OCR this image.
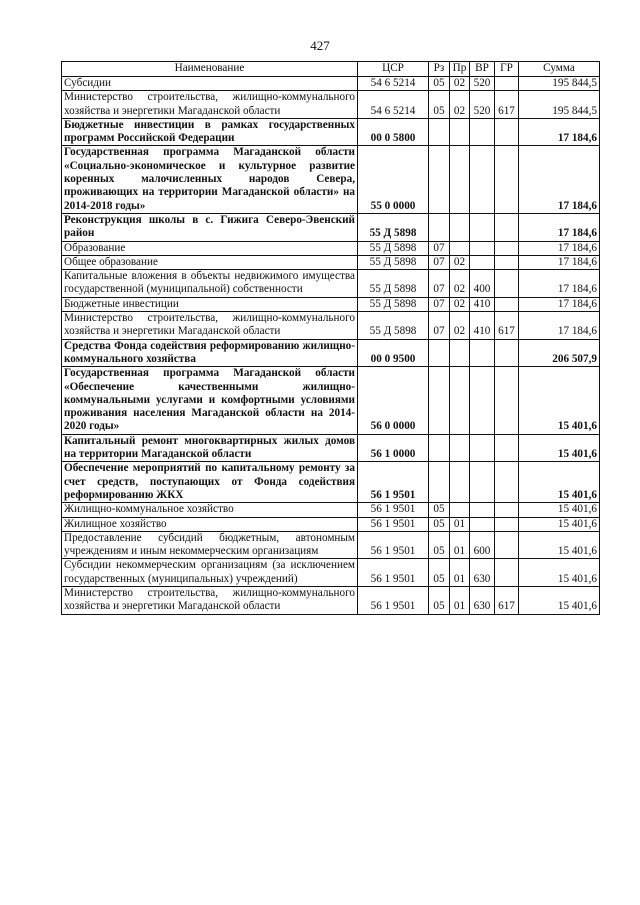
427
Наименование	ЦСР	Рз	Пр	ВР	ГР	Сумма
Субсидии	54 6 5214	05	02	520		195 844,5
Министерство строительства, жилищно-коммунального хозяйства и энергетики Магаданской области	54 6 5214	05	02	520	617	195 844,5
Бюджетные инвестиции в рамках государственных программ Российской Федерации	00 0 5800					17 184,6
Государственная программа Магаданской области «Социально-экономическое и культурное развитие коренных малочисленных народов Севера, проживающих на территории Магаданской области» на 2014-2018 годы»	55 0 0000					17 184,6
Реконструкция школы в с. Гижига Северо-Эвенский район	55 Д 5898					17 184,6
Образование	55 Д 5898	07				17 184,6
Общее образование	55 Д 5898	07	02			17 184,6
Капитальные вложения в объекты недвижимого имущества государственной (муниципальной) собственности	55 Д 5898	07	02	400		17 184,6
Бюджетные инвестиции	55 Д 5898	07	02	410		17 184,6
Министерство строительства, жилищно-коммунального хозяйства и энергетики Магаданской области	55 Д 5898	07	02	410	617	17 184,6
Средства Фонда содействия реформированию жилищно-коммунального хозяйства	00 0 9500					206 507,9
Государственная программа Магаданской области «Обеспечение качественными жилищно-коммунальными услугами и комфортными условиями проживания населения Магаданской области на 2014-2020 годы»	56 0 0000					15 401,6
Капитальный ремонт многоквартирных жилых домов на территории Магаданской области	56 1 0000					15 401,6
Обеспечение мероприятий по капитальному ремонту за счет средств, поступающих от Фонда содействия реформированию ЖКХ	56 1 9501					15 401,6
Жилищно-коммунальное хозяйство	56 1 9501	05				15 401,6
Жилищное хозяйство	56 1 9501	05	01			15 401,6
Предоставление субсидий бюджетным, автономным учреждениям и иным некоммерческим организациям	56 1 9501	05	01	600		15 401,6
Субсидии некоммерческим организациям (за исключением государственных (муниципальных) учреждений)	56 1 9501	05	01	630		15 401,6
Министерство строительства, жилищно-коммунального хозяйства и энергетики Магаданской области	56 1 9501	05	01	630	617	15 401,6
